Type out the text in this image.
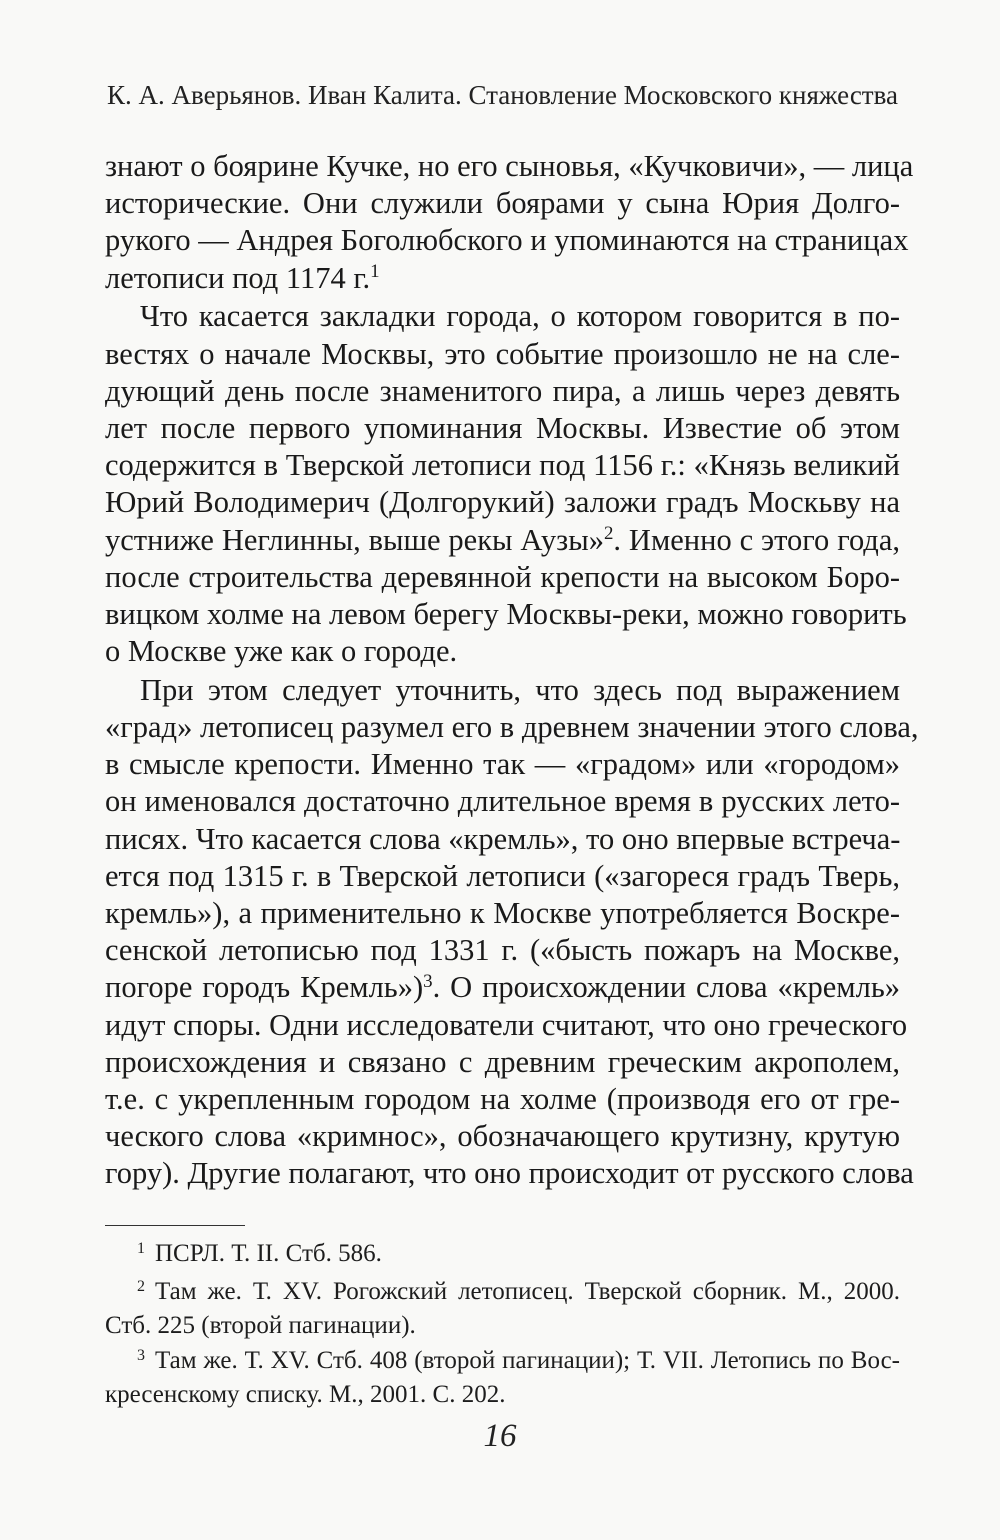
К. А. Аверьянов. Иван Калита. Становление Московского княжества

знают о боярине Кучке, но его сыновья, «Кучковичи», — лица
исторические. Они служили боярами у сына Юрия Долго-
рукого — Андрея Боголюбского и упоминаются на страницах
летописи под 1174 г.$^1$

Что касается закладки города, о котором говорится в по-
вестях о начале Москвы, это событие произошло не на сле-
дующий день после знаменитого пира, а лишь через девять
лет после первого упоминания Москвы. Известие об этом
содержится в Тверской летописи под 1156 г.: «Князь великий
Юрий Володимерич (Долгорукий) заложи градъ Москьву на
устниже Неглинны, выше рекы Аузы»$^2$. Именно с этого года,
после строительства деревянной крепости на высоком Боро-
вицком холме на левом берегу Москвы-реки, можно говорить
о Москве уже как о городе.

При этом следует уточнить, что здесь под выражением
«град» летописец разумел его в древнем значении этого слова,
в смысле крепости. Именно так — «градом» или «городом»
он именовался достаточно длительное время в русских лето-
писях. Что касается слова «кремль», то оно впервые встреча-
ется под 1315 г. в Тверской летописи («загореся градъ Тверь,
кремль»), а применительно к Москве употребляется Воскре-
сенской летописью под 1331 г. («бысть пожаръ на Москве,
погоре городъ Кремль»)$^3$. О происхождении слова «кремль»
идут споры. Одни исследователи считают, что оно греческого
происхождения и связано с древним греческим акрополем,
т.е. с укрепленным городом на холме (производя его от гре-
ческого слова «кримнос», обозначающего крутизну, крутую
гору). Другие полагают, что оно происходит от русского слова

$^1$ ПСРЛ. Т. II. Стб. 586.
$^2$ Там же. Т. XV. Рогожский летописец. Тверской сборник. М., 2000.
Стб. 225 (второй пагинации).
$^3$ Там же. Т. XV. Стб. 408 (второй пагинации); Т. VII. Летопись по Вос-
кресенскому списку. М., 2001. С. 202.
16
